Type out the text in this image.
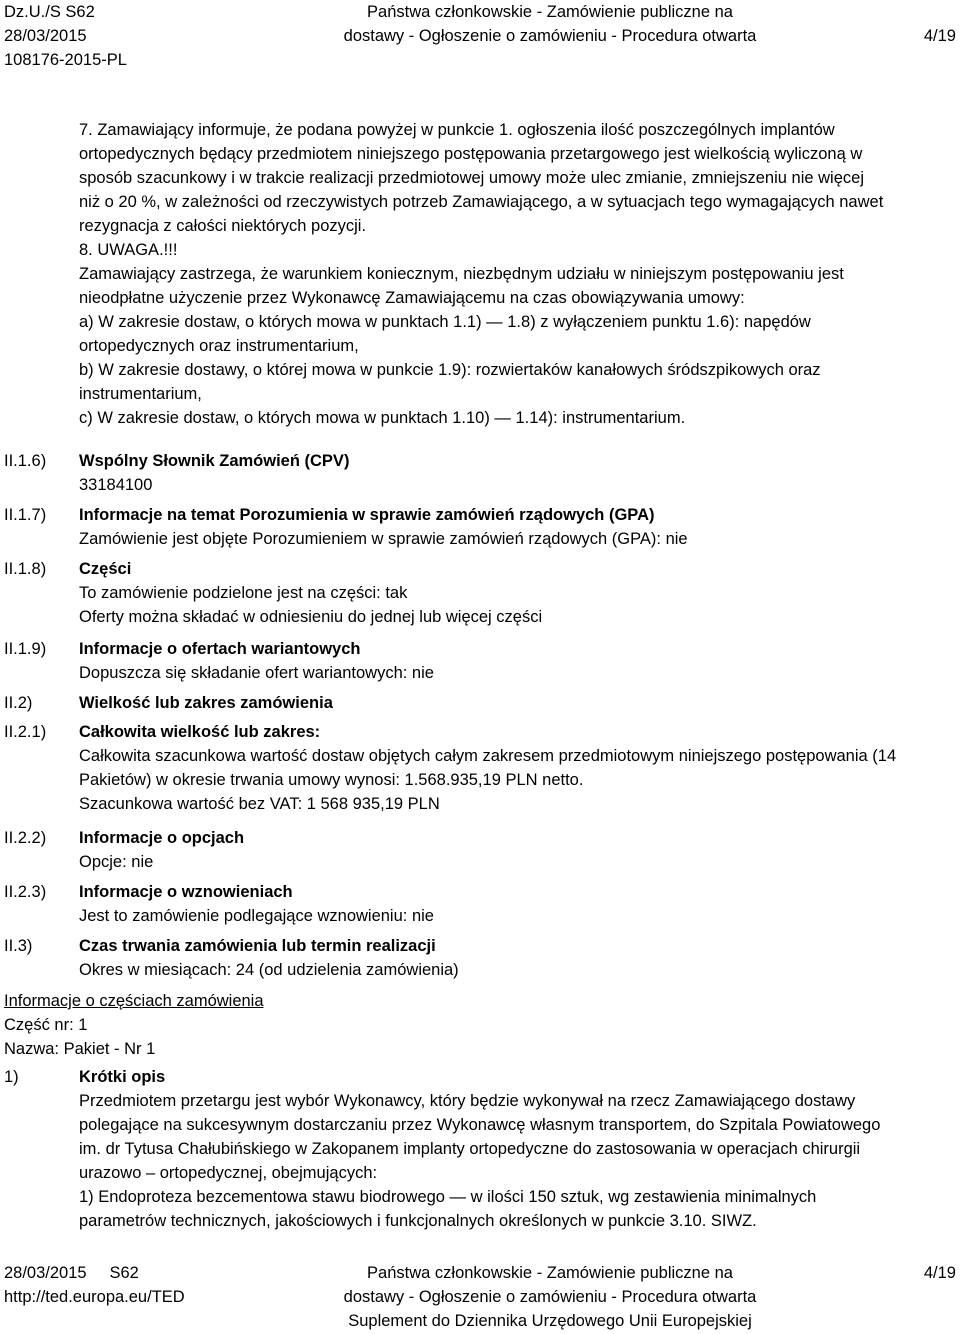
Dz.U./S S62
28/03/2015
108176-2015-PL
Państwa członkowskie - Zamówienie publiczne na
dostawy - Ogłoszenie o zamówieniu - Procedura otwarta	4/19
7. Zamawiający informuje, że podana powyżej w punkcie 1. ogłoszenia ilość poszczególnych implantów
ortopedycznych będący przedmiotem niniejszego postępowania przetargowego jest wielkością wyliczoną w
sposób szacunkowy i w trakcie realizacji przedmiotowej umowy może ulec zmianie, zmniejszeniu nie więcej
niż o 20 %, w zależności od rzeczywistych potrzeb Zamawiającego, a w sytuacjach tego wymagających nawet
rezygnacja z całości niektórych pozycji.
8. UWAGA.!!!
Zamawiający zastrzega, że warunkiem koniecznym, niezbędnym udziału w niniejszym postępowaniu jest
nieodpłatne użyczenie przez Wykonawcę Zamawiającemu na czas obowiązywania umowy:
a) W zakresie dostaw, o których mowa w punktach 1.1) — 1.8) z wyłączeniem punktu 1.6): napędów
ortopedycznych oraz instrumentarium,
b) W zakresie dostawy, o której mowa w punkcie 1.9): rozwiertaków kanałowych śródszpikowych oraz
instrumentarium,
c) W zakresie dostaw, o których mowa w punktach 1.10) — 1.14): instrumentarium.
II.1.6)
II.1.7)
II.1.8)
II.1.9)
II.2)
II.2.1)
II.2.2)
II.2.3)
II.3)
Wspólny Słownik Zamówień (CPV)
33184100
Informacje na temat Porozumienia w sprawie zamówień rządowych (GPA)
Zamówienie jest objęte Porozumieniem w sprawie zamówień rządowych (GPA): nie
Części
To zamówienie podzielone jest na części: tak
Oferty można składać w odniesieniu do jednej lub więcej części
Informacje o ofertach wariantowych
Dopuszcza się składanie ofert wariantowych: nie
Wielkość lub zakres zamówienia
Całkowita wielkość lub zakres:
Całkowita szacunkowa wartość dostaw objętych całym zakresem przedmiotowym niniejszego postępowania (14
Pakietów) w okresie trwania umowy wynosi: 1.568.935,19 PLN netto.
Szacunkowa wartość bez VAT: 1 568 935,19 PLN
Informacje o opcjach
Opcje: nie
Informacje o wznowieniach
Jest to zamówienie podlegające wznowieniu: nie
Czas trwania zamówienia lub termin realizacji
Okres w miesiącach: 24 (od udzielenia zamówienia)
Informacje o częściach zamówienia
Część nr: 1
Nazwa: Pakiet - Nr 1
1)	Krótki opis
Przedmiotem przetargu jest wybór Wykonawcy, który będzie wykonywał na rzecz Zamawiającego dostawy
polegające na sukcesywnym dostarczaniu przez Wykonawcę własnym transportem, do Szpitala Powiatowego
im. dr Tytusa Chałubińskiego w Zakopanem implanty ortopedyczne do zastosowania w operacjach chirurgii
urazowo – ortopedycznej, obejmujących:
1) Endoproteza bezcementowa stawu biodrowego — w ilości 150 sztuk, wg zestawienia minimalnych
parametrów technicznych, jakościowych i funkcjonalnych określonych w punkcie 3.10. SIWZ.
28/03/2015     S62
http://ted.europa.eu/TED
Państwa członkowskie - Zamówienie publiczne na
dostawy - Ogłoszenie o zamówieniu - Procedura otwarta
Suplement do Dziennika Urzędowego Unii Europejskiej
4/19
